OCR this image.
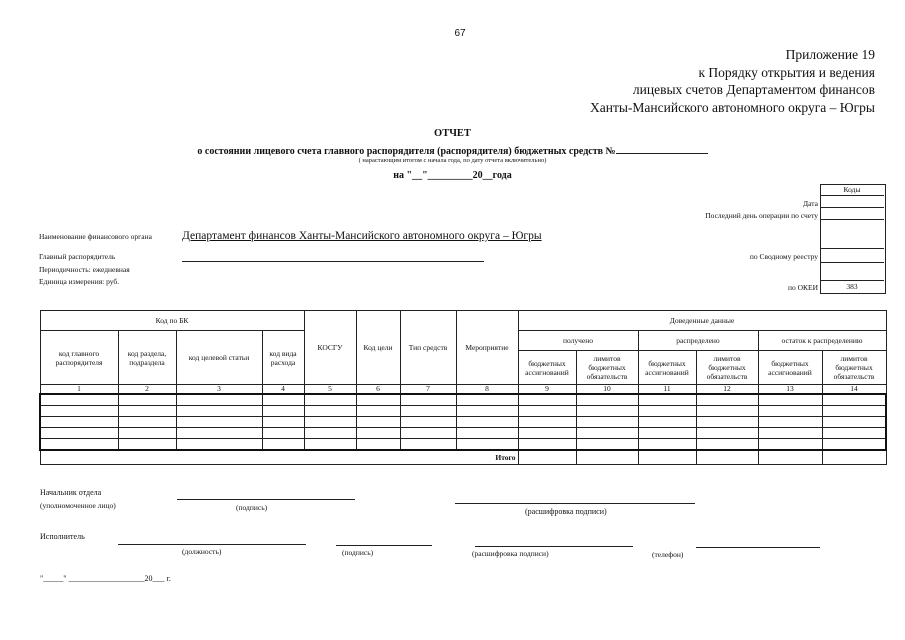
67
Приложение 19
к Порядку открытия и ведения
лицевых счетов Департаментом финансов
Ханты-Мансийского автономного округа – Югры
ОТЧЕТ
о состоянии лицевого счета главного распорядителя (распорядителя) бюджетных средств №
( нарастающим итогом с начала года, по дату отчета включительно)
на "__"_________20__года
Коды
Дата
Последний день операции по счету
по Сводному реестру
по ОКЕИ	383
Наименование финансового органа	Департамент финансов Ханты-Мансийского автономного округа – Югры
Главный распорядитель
Периодичность: ежедневная
Единица измерения: руб.
Код по БК				КОСГУ	Код цели	Тип средств	Мероприятие	Доведенные данные					
код главного распорядителя	код раздела, подраздела	код целевой статьи	код вида расхода					получено		распределено		остаток к распределению	
								бюджетных ассигнований	лимитов бюджетных обязательств	бюджетных ассигнований	лимитов бюджетных обязательств	бюджетных ассигнований	лимитов бюджетных обязательств
1	2	3	4	5	6	7	8	9	10	11	12	13	14

Итого													
Начальник отдела
(уполномоченное лицо)	(подпись)	(расшифровка подписи)
Исполнитель
(должность)	(подпись)	(расшифровка подписи)	(телефон)
"_____" ___________________20___ г.
